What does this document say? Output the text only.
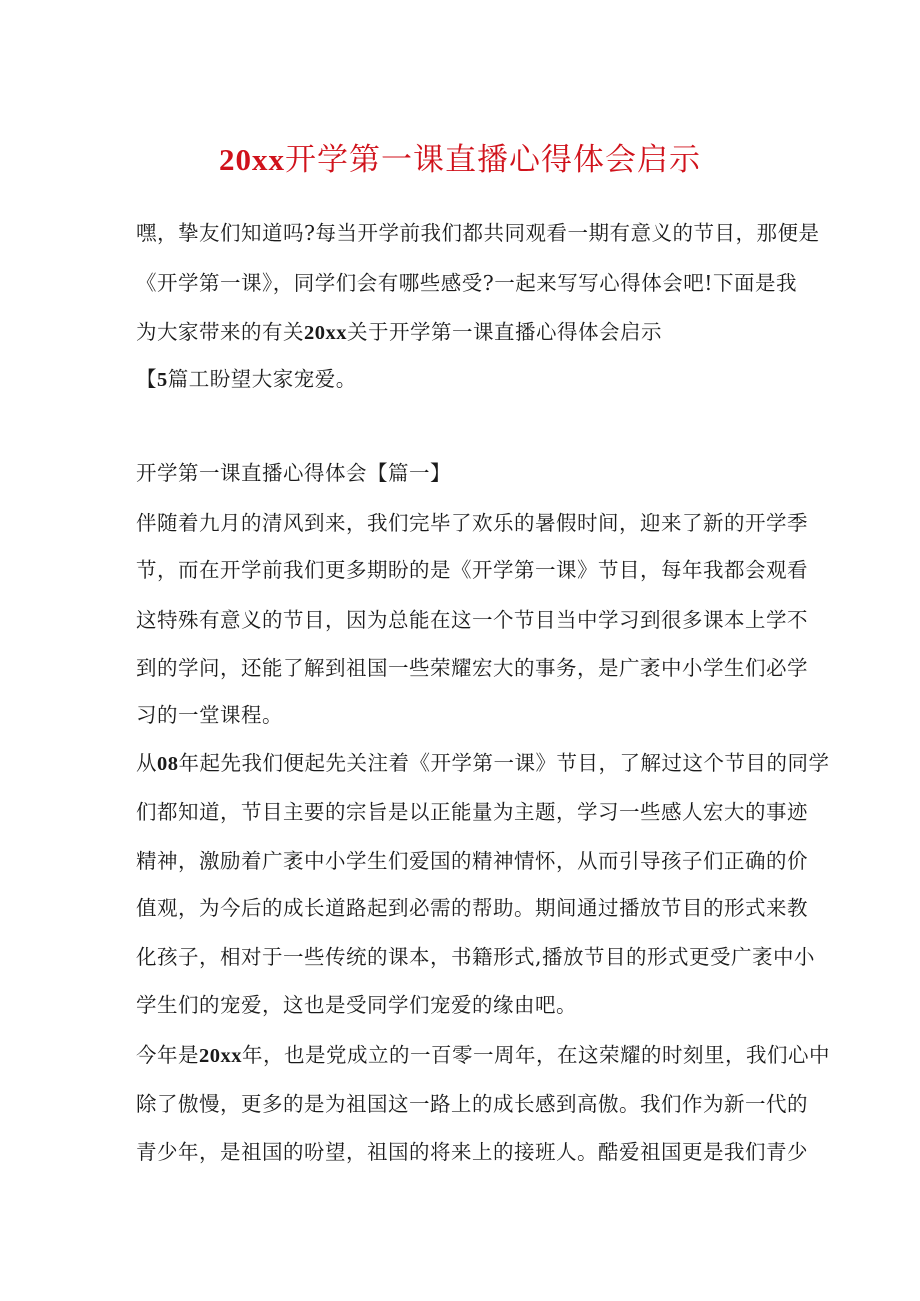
20xx开学第一课直播心得体会启示
嘿，挚友们知道吗?每当开学前我们都共同观看一期有意义的节目，那便是
《开学第一课》，同学们会有哪些感受?一起来写写心得体会吧!下面是我
为大家带来的有关20xx关于开学第一课直播心得体会启示
【5篇工盼望大家宠爱。
开学第一课直播心得体会【篇一】
伴随着九月的清风到来，我们完毕了欢乐的暑假时间，迎来了新的开学季
节，而在开学前我们更多期盼的是《开学第一课》节目，每年我都会观看
这特殊有意义的节目，因为总能在这一个节目当中学习到很多课本上学不
到的学问，还能了解到祖国一些荣耀宏大的事务，是广袤中小学生们必学
习的一堂课程。
从08年起先我们便起先关注着《开学第一课》节目，了解过这个节目的同学
们都知道，节目主要的宗旨是以正能量为主题，学习一些感人宏大的事迹
精神，激励着广袤中小学生们爱国的精神情怀，从而引导孩子们正确的价
值观，为今后的成长道路起到必需的帮助。期间通过播放节目的形式来教
化孩子，相对于一些传统的课本，书籍形式,播放节目的形式更受广袤中小
学生们的宠爱，这也是受同学们宠爱的缘由吧。
今年是20xx年，也是党成立的一百零一周年，在这荣耀的时刻里，我们心中
除了傲慢，更多的是为祖国这一路上的成长感到高傲。我们作为新一代的
青少年，是祖国的吩望，祖国的将来上的接班人。酷爱祖国更是我们青少
